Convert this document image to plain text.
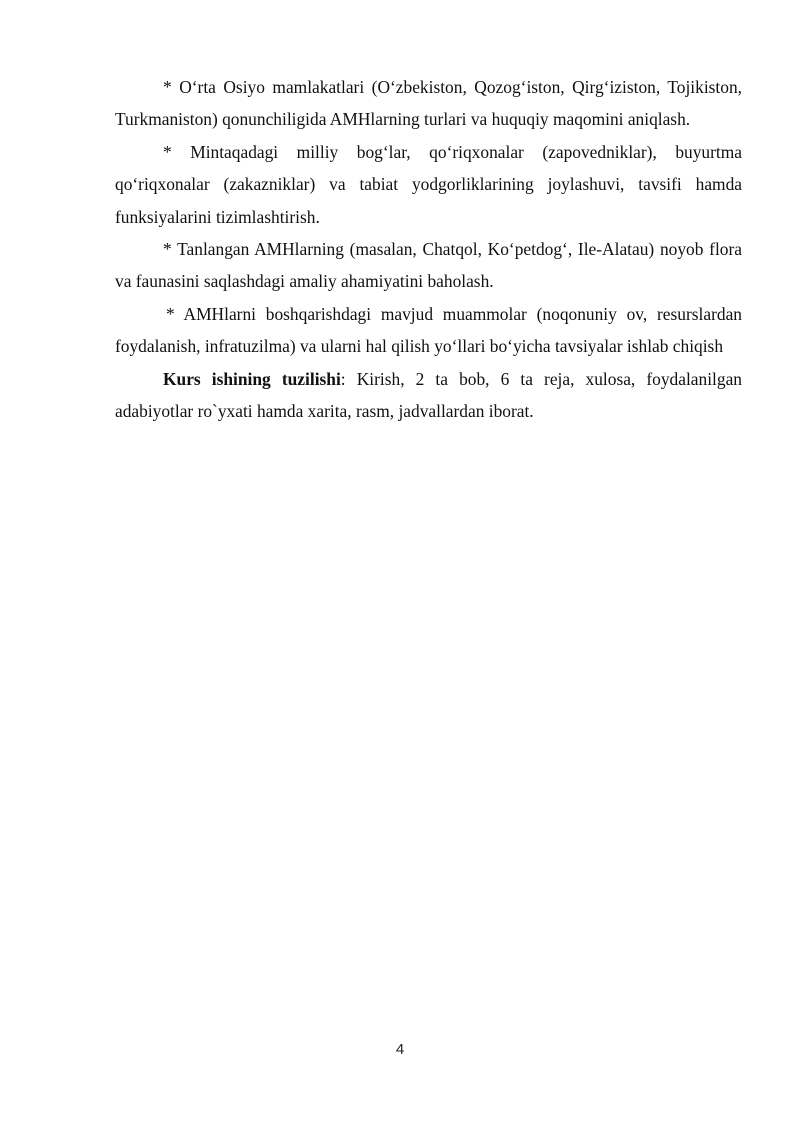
* O‘rta Osiyo mamlakatlari (O‘zbekiston, Qozog‘iston, Qirg‘iziston, Tojikiston, Turkmaniston) qonunchiligida AMHlarning turlari va huquqiy maqomini aniqlash.

* Mintaqadagi milliy bog‘lar, qo‘riqxonalar (zapovedniklar), buyurtma qo‘riqxonalar (zakazniklar) va tabiat yodgorliklarining joylashuvi, tavsifi hamda funksiyalarini tizimlashtirish.

* Tanlangan AMHlarning (masalan, Chatqol, Ko‘petdog‘, Ile-Alatau) noyob flora va faunasini saqlashdagi amaliy ahamiyatini baholash.

* AMHlarni boshqarishdagi mavjud muammolar (noqonuniy ov, resurslardan foydalanish, infratuzilma) va ularni hal qilish yo‘llari bo‘yicha tavsiyalar ishlab chiqish

Kurs ishining tuzilishi: Kirish, 2 ta bob, 6 ta reja, xulosa, foydalanilgan adabiyotlar ro`yxati hamda xarita, rasm, jadvallardan iborat.

4
